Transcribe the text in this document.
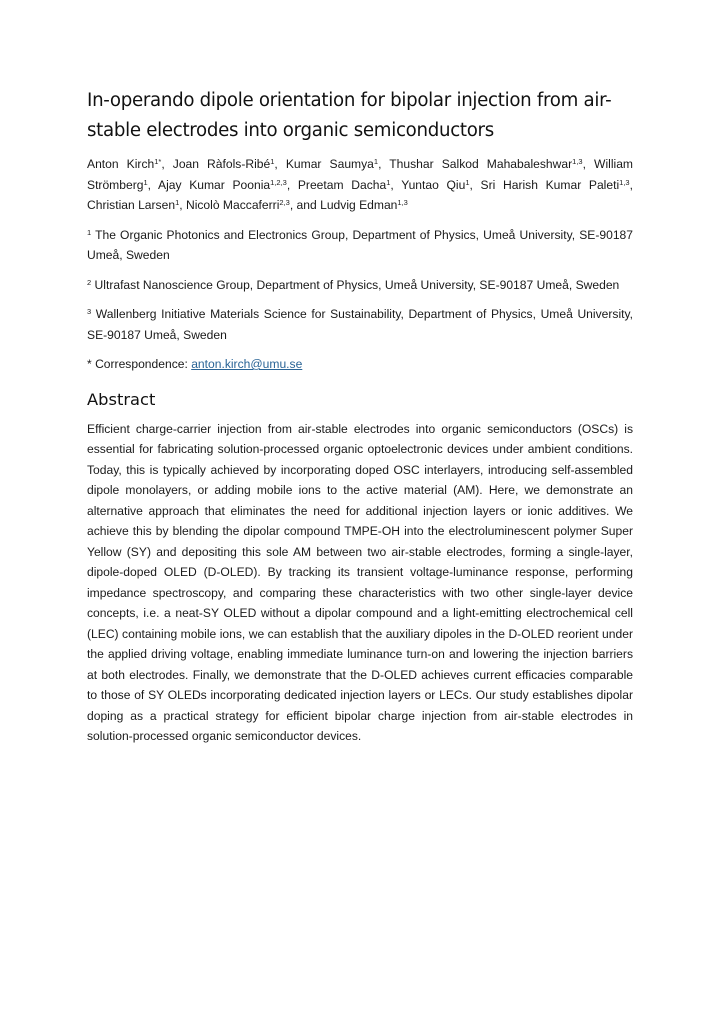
In-operando dipole orientation for bipolar injection from air-stable electrodes into organic semiconductors

Anton Kirch$^{1*}$, Joan Ràfols-Ribé$^1$, Kumar Saumya$^1$, Thushar Salkod Mahabaleshwar$^{1,3}$, William Strömberg$^1$, Ajay Kumar Poonia$^{1,2,3}$, Preetam Dacha$^1$, Yuntao Qiu$^1$, Sri Harish Kumar Paleti$^{1,3}$, Christian Larsen$^1$, Nicolò Maccaferri$^{2,3}$, and Ludvig Edman$^{1,3}$

$^1$ The Organic Photonics and Electronics Group, Department of Physics, Umeå University, SE-90187 Umeå, Sweden

$^2$ Ultrafast Nanoscience Group, Department of Physics, Umeå University, SE-90187 Umeå, Sweden

$^3$ Wallenberg Initiative Materials Science for Sustainability, Department of Physics, Umeå University, SE-90187 Umeå, Sweden

* Correspondence: anton.kirch@umu.se

Abstract

Efficient charge-carrier injection from air-stable electrodes into organic semiconductors (OSCs) is essential for fabricating solution-processed organic optoelectronic devices under ambient conditions. Today, this is typically achieved by incorporating doped OSC interlayers, introducing self-assembled dipole monolayers, or adding mobile ions to the active material (AM). Here, we demonstrate an alternative approach that eliminates the need for additional injection layers or ionic additives. We achieve this by blending the dipolar compound TMPE-OH into the electroluminescent polymer Super Yellow (SY) and depositing this sole AM between two air-stable electrodes, forming a single-layer, dipole-doped OLED (D-OLED). By tracking its transient voltage-luminance response, performing impedance spectroscopy, and comparing these characteristics with two other single-layer device concepts, i.e. a neat-SY OLED without a dipolar compound and a light-emitting electrochemical cell (LEC) containing mobile ions, we can establish that the auxiliary dipoles in the D-OLED reorient under the applied driving voltage, enabling immediate luminance turn-on and lowering the injection barriers at both electrodes. Finally, we demonstrate that the D-OLED achieves current efficacies comparable to those of SY OLEDs incorporating dedicated injection layers or LECs. Our study establishes dipolar doping as a practical strategy for efficient bipolar charge injection from air-stable electrodes in solution-processed organic semiconductor devices.
